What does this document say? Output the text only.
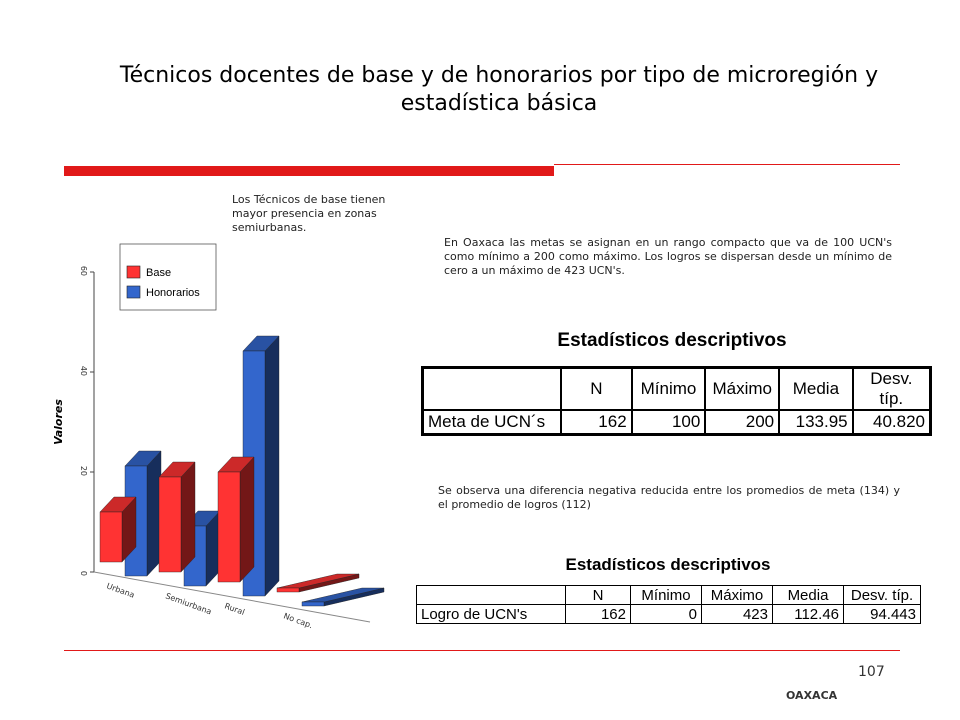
Técnicos docentes de base y de honorarios por tipo de microregión y estadística básica
Los Técnicos de base tienen mayor presencia en zonas semiurbanas.
En Oaxaca las metas se asignan en un rango compacto que va de 100 UCN's como mínimo a 200 como máximo. Los logros se dispersan desde un mínimo de cero a un máximo de 423 UCN's.
Se observa una diferencia negativa reducida entre los promedios de meta (134) y el promedio de logros (112)
0
20
40
60
Valores
Urbana
Semiurbana Rural
No cap.
Base
Honorarios
Estadísticos descriptivos
	N	Mínimo	Máximo	Media	Desv. típ.
Meta de UCN´s	162	100	200	133.95	40.820
Estadísticos descriptivos
	N	Mínimo	Máximo	Media	Desv. típ.
Logro de UCN's	162	0	423	112.46	94.443
107
OAXACA
